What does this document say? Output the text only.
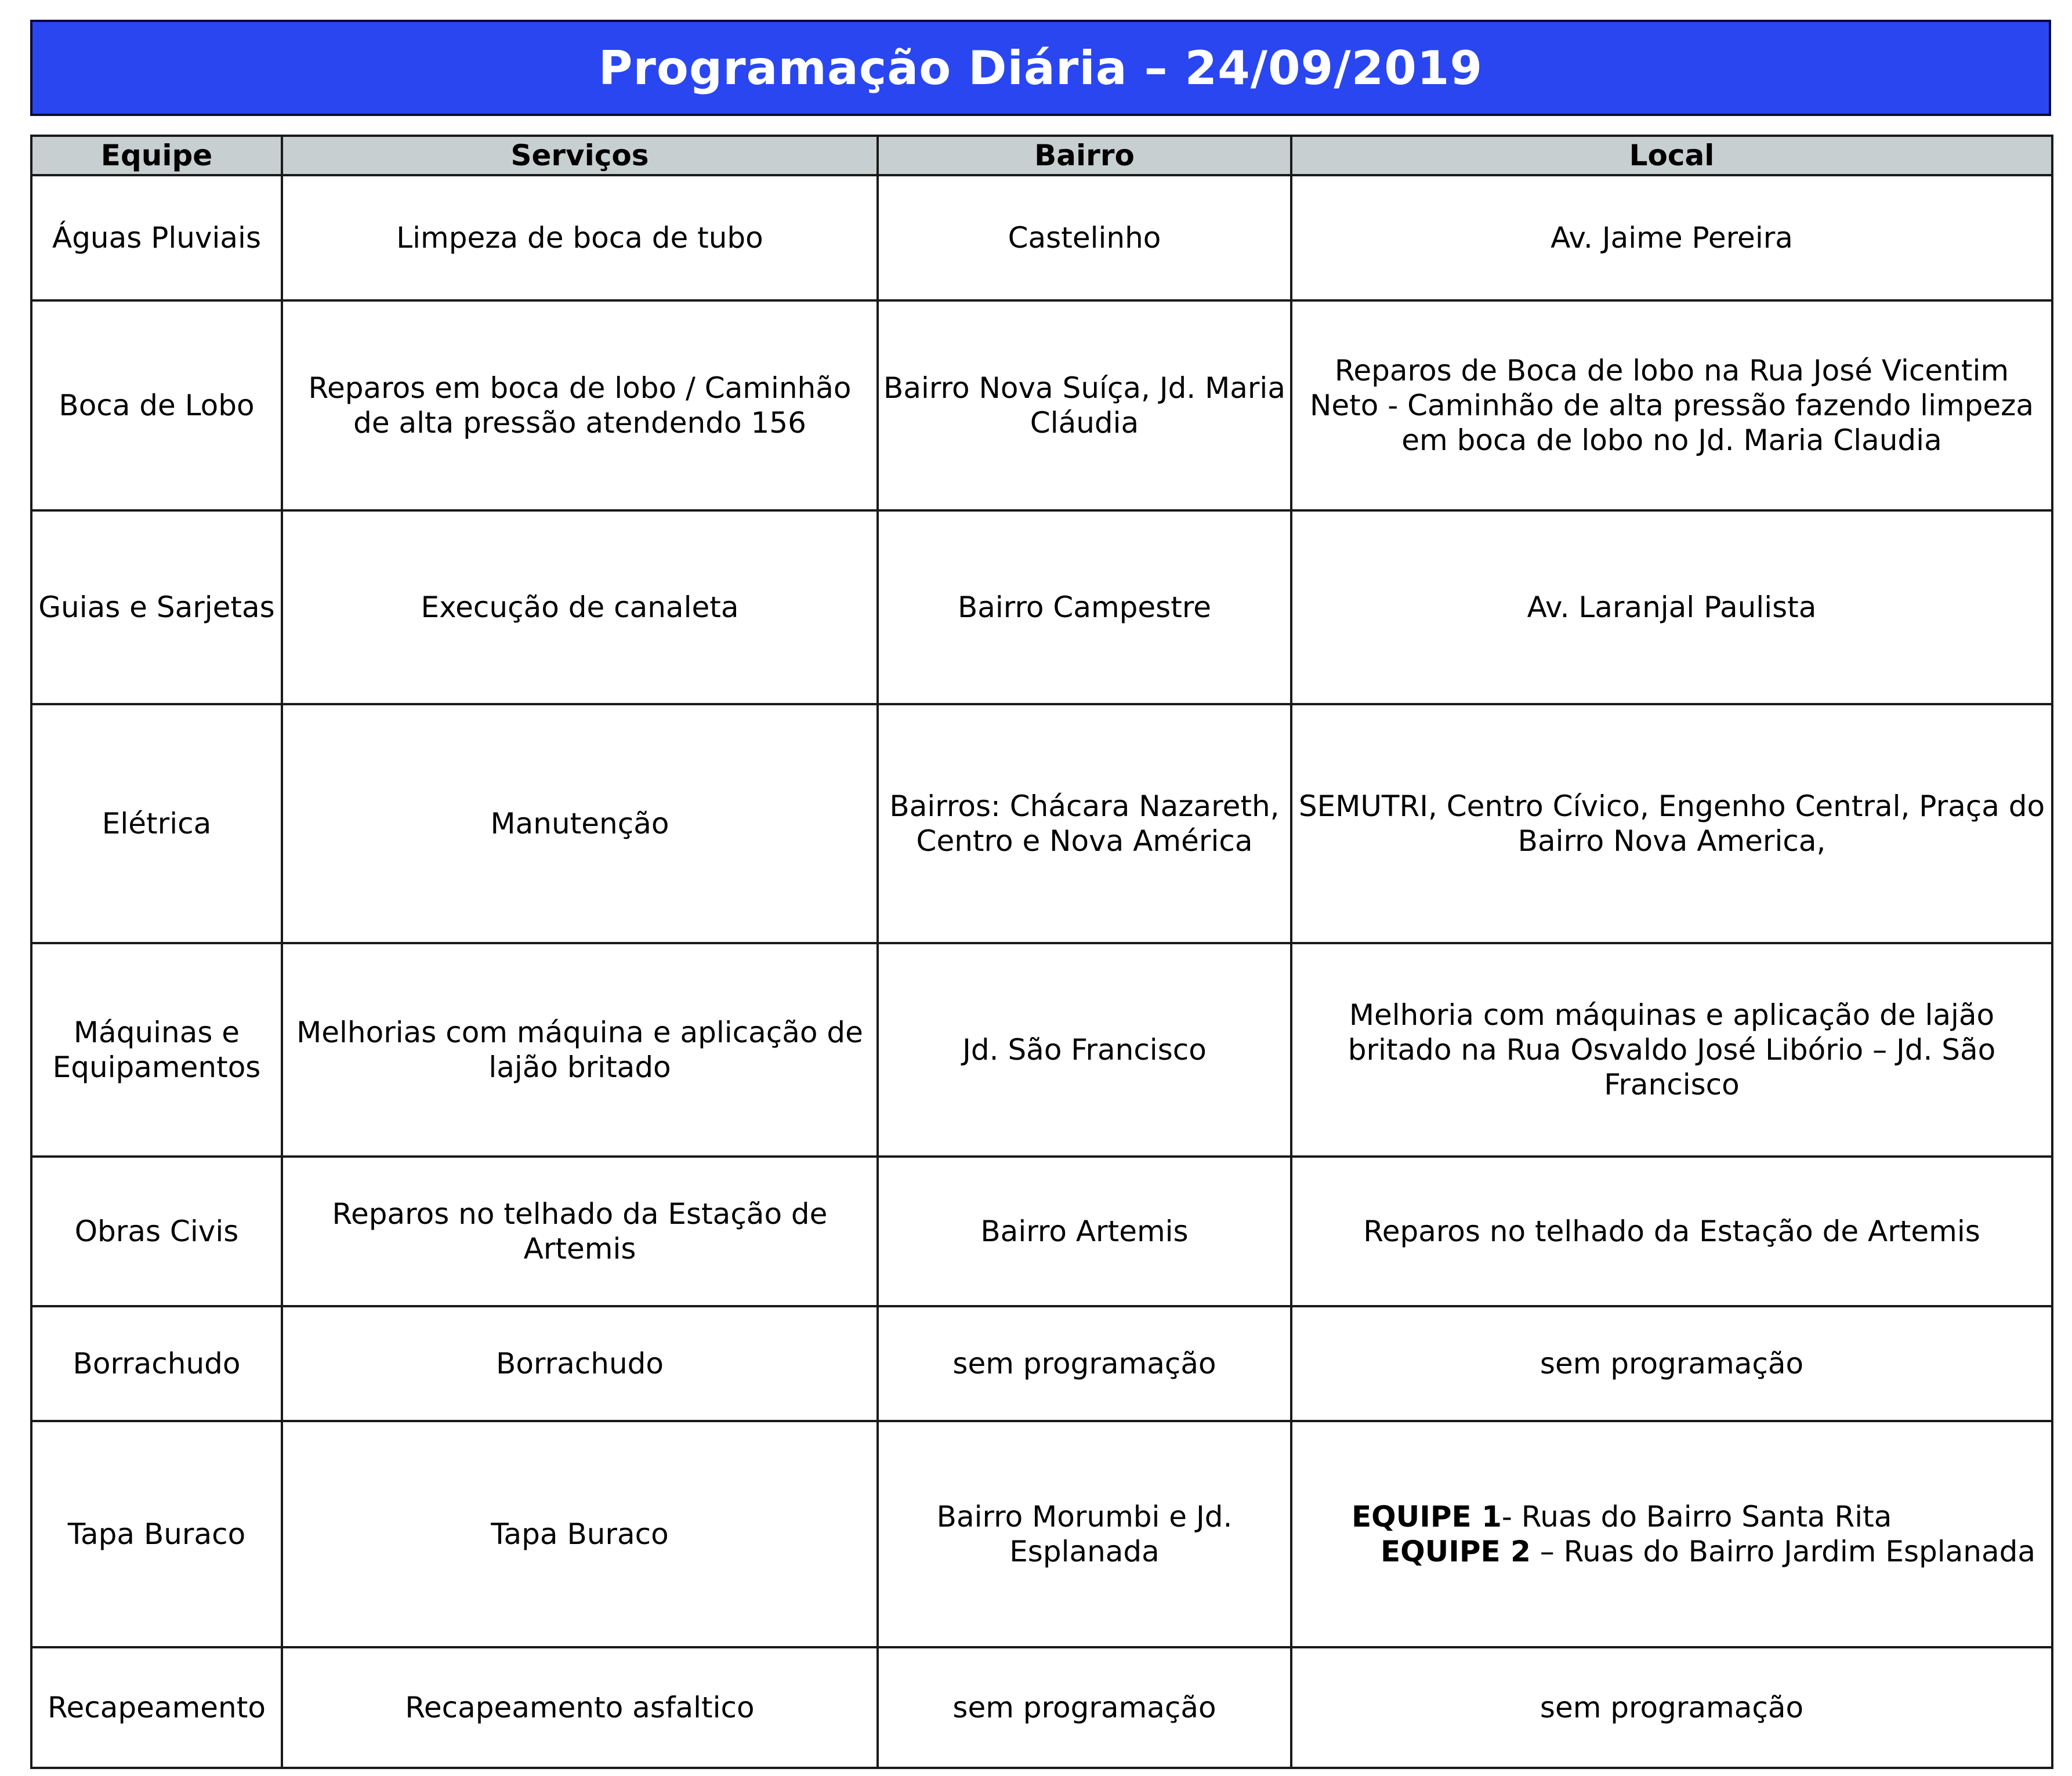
Programação Diária – 24/09/2019
Equipe	Serviços	Bairro	Local
Águas Pluviais	Limpeza de boca de tubo	Castelinho	Av. Jaime Pereira
Boca de Lobo	Reparos em boca de lobo / Caminhão de alta pressão atendendo 156	Bairro Nova Suíça, Jd. Maria Cláudia	Reparos de Boca de lobo na Rua José Vicentim Neto - Caminhão de alta pressão fazendo limpeza em boca de lobo no Jd. Maria Claudia
Guias e Sarjetas	Execução de canaleta	Bairro Campestre	Av. Laranjal Paulista
Elétrica	Manutenção	Bairros: Chácara Nazareth, Centro e Nova América	SEMUTRI, Centro Cívico, Engenho Central, Praça do Bairro Nova America,
Máquinas e Equipamentos	Melhorias com máquina e aplicação de lajão britado	Jd. São Francisco	Melhoria com máquinas e aplicação de lajão britado na Rua Osvaldo José Libório – Jd. São Francisco
Obras Civis	Reparos no telhado da Estação de Artemis	Bairro Artemis	Reparos no telhado da Estação de Artemis
Borrachudo	Borrachudo	sem programação	sem programação
Tapa Buraco	Tapa Buraco	Bairro Morumbi e Jd. Esplanada	EQUIPE 1- Ruas do Bairro Santa Rita
EQUIPE 2 – Ruas do Bairro Jardim Esplanada

Recapeamento	Recapeamento asfaltico	sem programação	sem programação
